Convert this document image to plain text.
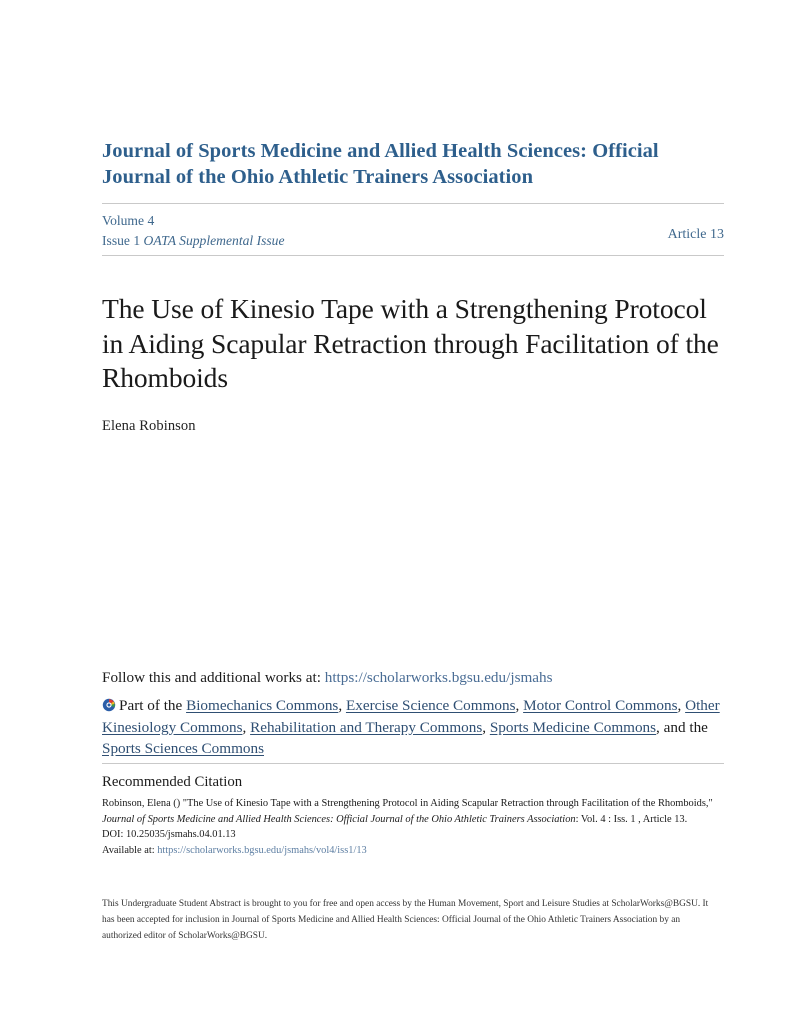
Journal of Sports Medicine and Allied Health Sciences: Official Journal of the Ohio Athletic Trainers Association
Volume 4
Issue 1 OATA Supplemental Issue	Article 13
The Use of Kinesio Tape with a Strengthening Protocol in Aiding Scapular Retraction through Facilitation of the Rhomboids

Elena Robinson

Follow this and additional works at: https://scholarworks.bgsu.edu/jsmahs
Part of the Biomechanics Commons, Exercise Science Commons, Motor Control Commons, Other Kinesiology Commons, Rehabilitation and Therapy Commons, Sports Medicine Commons, and the Sports Sciences Commons
Recommended Citation
Robinson, Elena () "The Use of Kinesio Tape with a Strengthening Protocol in Aiding Scapular Retraction through Facilitation of the Rhomboids," Journal of Sports Medicine and Allied Health Sciences: Official Journal of the Ohio Athletic Trainers Association: Vol. 4 : Iss. 1 , Article 13.
DOI: 10.25035/jsmahs.04.01.13
Available at: https://scholarworks.bgsu.edu/jsmahs/vol4/iss1/13
This Undergraduate Student Abstract is brought to you for free and open access by the Human Movement, Sport and Leisure Studies at ScholarWorks@BGSU. It has been accepted for inclusion in Journal of Sports Medicine and Allied Health Sciences: Official Journal of the Ohio Athletic Trainers Association by an authorized editor of ScholarWorks@BGSU.
